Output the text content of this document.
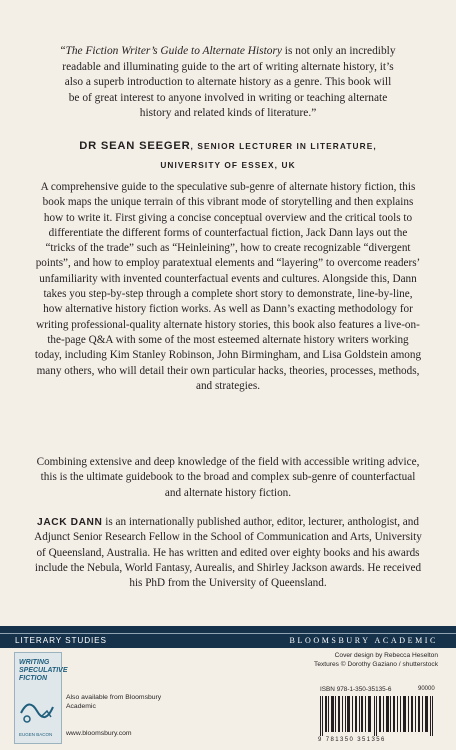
“The Fiction Writer’s Guide to Alternate History is not only an incredibly readable and illuminating guide to the art of writing alternate history, it’s also a superb introduction to alternate history as a genre. This book will be of great interest to anyone involved in writing or teaching alternate history and related kinds of literature.”
DR SEAN SEEGER, SENIOR LECTURER IN LITERATURE, UNIVERSITY OF ESSEX, UK
A comprehensive guide to the speculative sub-genre of alternate history fiction, this book maps the unique terrain of this vibrant mode of storytelling and then explains how to write it. First giving a concise conceptual overview and the critical tools to differentiate the different forms of counterfactual fiction, Jack Dann lays out the “tricks of the trade” such as “Heinleining”, how to create recognizable “divergent points”, and how to employ paratextual elements and “layering” to overcome readers’ unfamiliarity with invented counterfactual events and cultures. Alongside this, Dann takes you step-by-step through a complete short story to demonstrate, line-by-line, how alternative history fiction works. As well as Dann’s exacting methodology for writing professional-quality alternate history stories, this book also features a live-on-the-page Q&A with some of the most esteemed alternate history writers working today, including Kim Stanley Robinson, John Birmingham, and Lisa Goldstein among many others, who will detail their own particular hacks, theories, processes, methods, and strategies.
Combining extensive and deep knowledge of the field with accessible writing advice, this is the ultimate guidebook to the broad and complex sub-genre of counterfactual and alternate history fiction.
JACK DANN is an internationally published author, editor, lecturer, anthologist, and Adjunct Senior Research Fellow in the School of Communication and Arts, University of Queensland, Australia. He has written and edited over eighty books and his awards include the Nebula, World Fantasy, Aurealis, and Shirley Jackson awards. He received his PhD from the University of Queensland.
LITERARY STUDIES	BLOOMSBURY ACADEMIC
WRITING SPECULATIVE FICTION
EUGEN BACON
Also available from Bloomsbury Academic
www.bloomsbury.com
Cover design by Rebecca Heselton
Textures © Dorothy Gaziano / shutterstock
ISBN 978-1-350-35135-6	90000
9 781350 351356
